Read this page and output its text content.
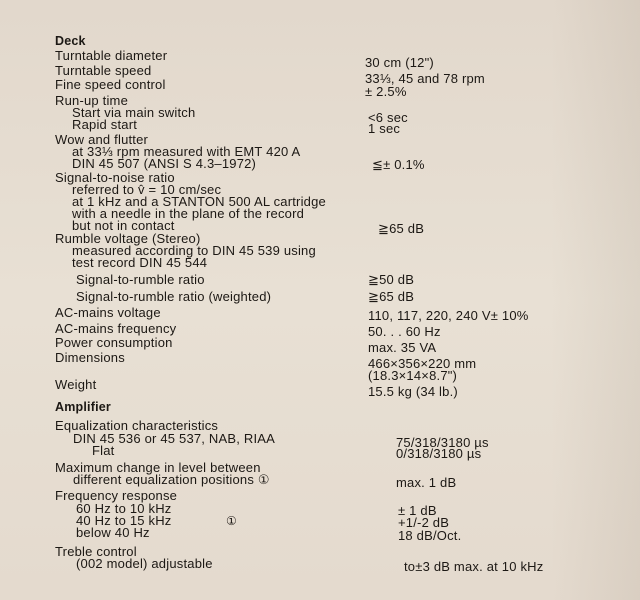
Deck
Turntable diameter	30 cm (12")
Turntable speed
33⅓, 45 and 78 rpm
Fine speed control	± 2.5%
Run-up time
Start via main switch	<6 sec
Rapid start	1 sec
Wow and flutter
at 33⅓ rpm measured with EMT 420 A
DIN 45 507 (ANSI S 4.3–1972)	≦± 0.1%
Signal-to-noise ratio
referred to v̂ = 10 cm/sec
at 1 kHz and a STANTON 500 AL cartridge
with a needle in the plane of the record
but not in contact	≧65 dB
Rumble voltage (Stereo)
measured according to DIN 45 539 using
test record DIN 45 544
Signal-to-rumble ratio	≧50 dB
Signal-to-rumble ratio (weighted)	≧65 dB
AC-mains voltage	110, 117, 220, 240 V± 10%
AC-mains frequency	50. . . 60 Hz
Power consumption	max. 35 VA
Dimensions	466×356×220 mm
(18.3×14×8.7")
Weight	15.5 kg (34 lb.)
Amplifier
Equalization characteristics
DIN 45 536 or 45 537, NAB, RIAA	75/318/3180 µs
Flat	0/318/3180 µs
Maximum change in level between
different equalization positions ①	max. 1 dB
Frequency response
60 Hz to 10 kHz	± 1 dB
40 Hz to 15 kHz	①	+1/-2 dB
below 40 Hz	18 dB/Oct.
Treble control
(002 model) adjustable	to±3 dB max. at 10 kHz
